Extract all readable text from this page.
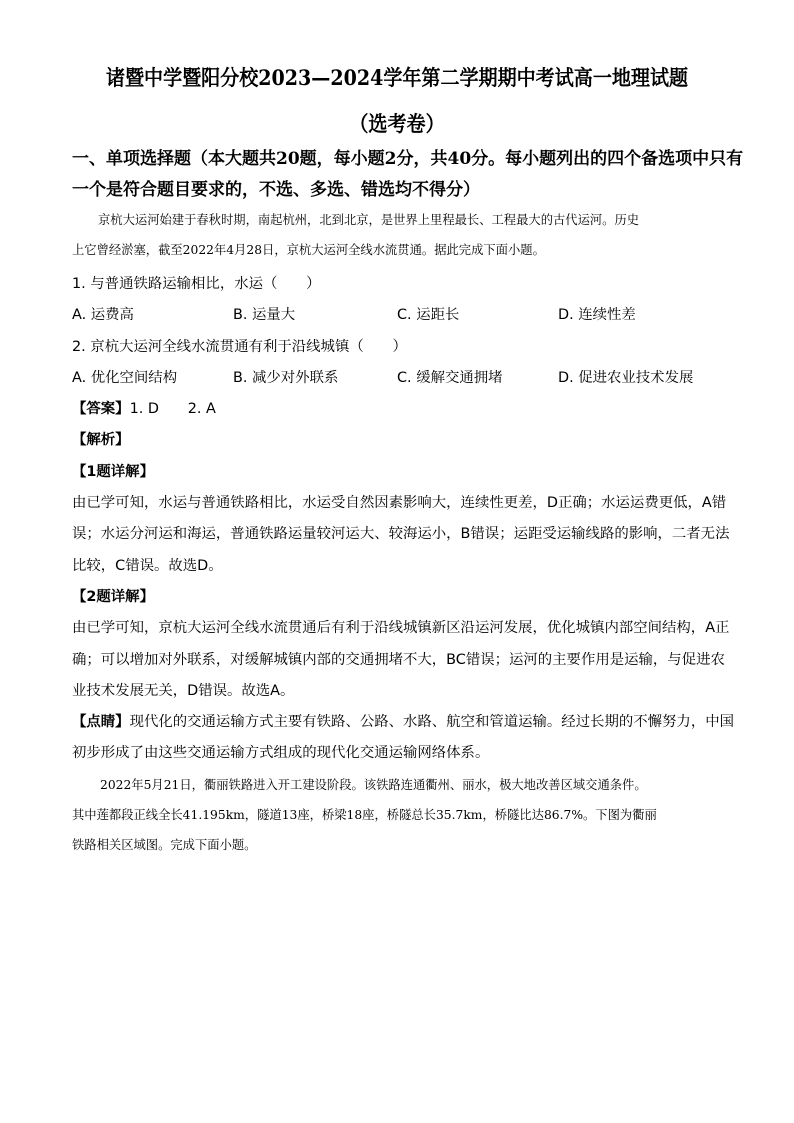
诸暨中学暨阳分校2023—2024学年第二学期期中考试高一地理试题
（选考卷）
一、单项选择题（本大题共20题，每小题2分，共40分。每小题列出的四个备选项中只有
一个是符合题目要求的，不选、多选、错选均不得分）
京杭大运河始建于春秋时期，南起杭州，北到北京，是世界上里程最长、工程最大的古代运河。历史
上它曾经淤塞，截至2022年4月28日，京杭大运河全线水流贯通。据此完成下面小题。
1. 与普通铁路运输相比，水运（　　）
A. 运费高	B. 运量大	C. 运距长	D. 连续性差
2. 京杭大运河全线水流贯通有利于沿线城镇（　　）
A. 优化空间结构	B. 减少对外联系	C. 缓解交通拥堵	D. 促进农业技术发展
【答案】1. D　　2. A
【解析】
【1题详解】
由已学可知，水运与普通铁路相比，水运受自然因素影响大，连续性更差，D正确；水运运费更低，A错
误；水运分河运和海运，普通铁路运量较河运大、较海运小，B错误；运距受运输线路的影响，二者无法
比较，C错误。故选D。
【2题详解】
由已学可知，京杭大运河全线水流贯通后有利于沿线城镇新区沿运河发展，优化城镇内部空间结构，A正
确；可以增加对外联系，对缓解城镇内部的交通拥堵不大，BC错误；运河的主要作用是运输，与促进农
业技术发展无关，D错误。故选A。
【点睛】现代化的交通运输方式主要有铁路、公路、水路、航空和管道运输。经过长期的不懈努力，中国
初步形成了由这些交通运输方式组成的现代化交通运输网络体系。
2022年5月21日，衢丽铁路进入开工建设阶段。该铁路连通衢州、丽水，极大地改善区域交通条件。
其中莲都段正线全长41.195km，隧道13座，桥梁18座，桥隧总长35.7km，桥隧比达86.7%。下图为衢丽
铁路相关区域图。完成下面小题。
